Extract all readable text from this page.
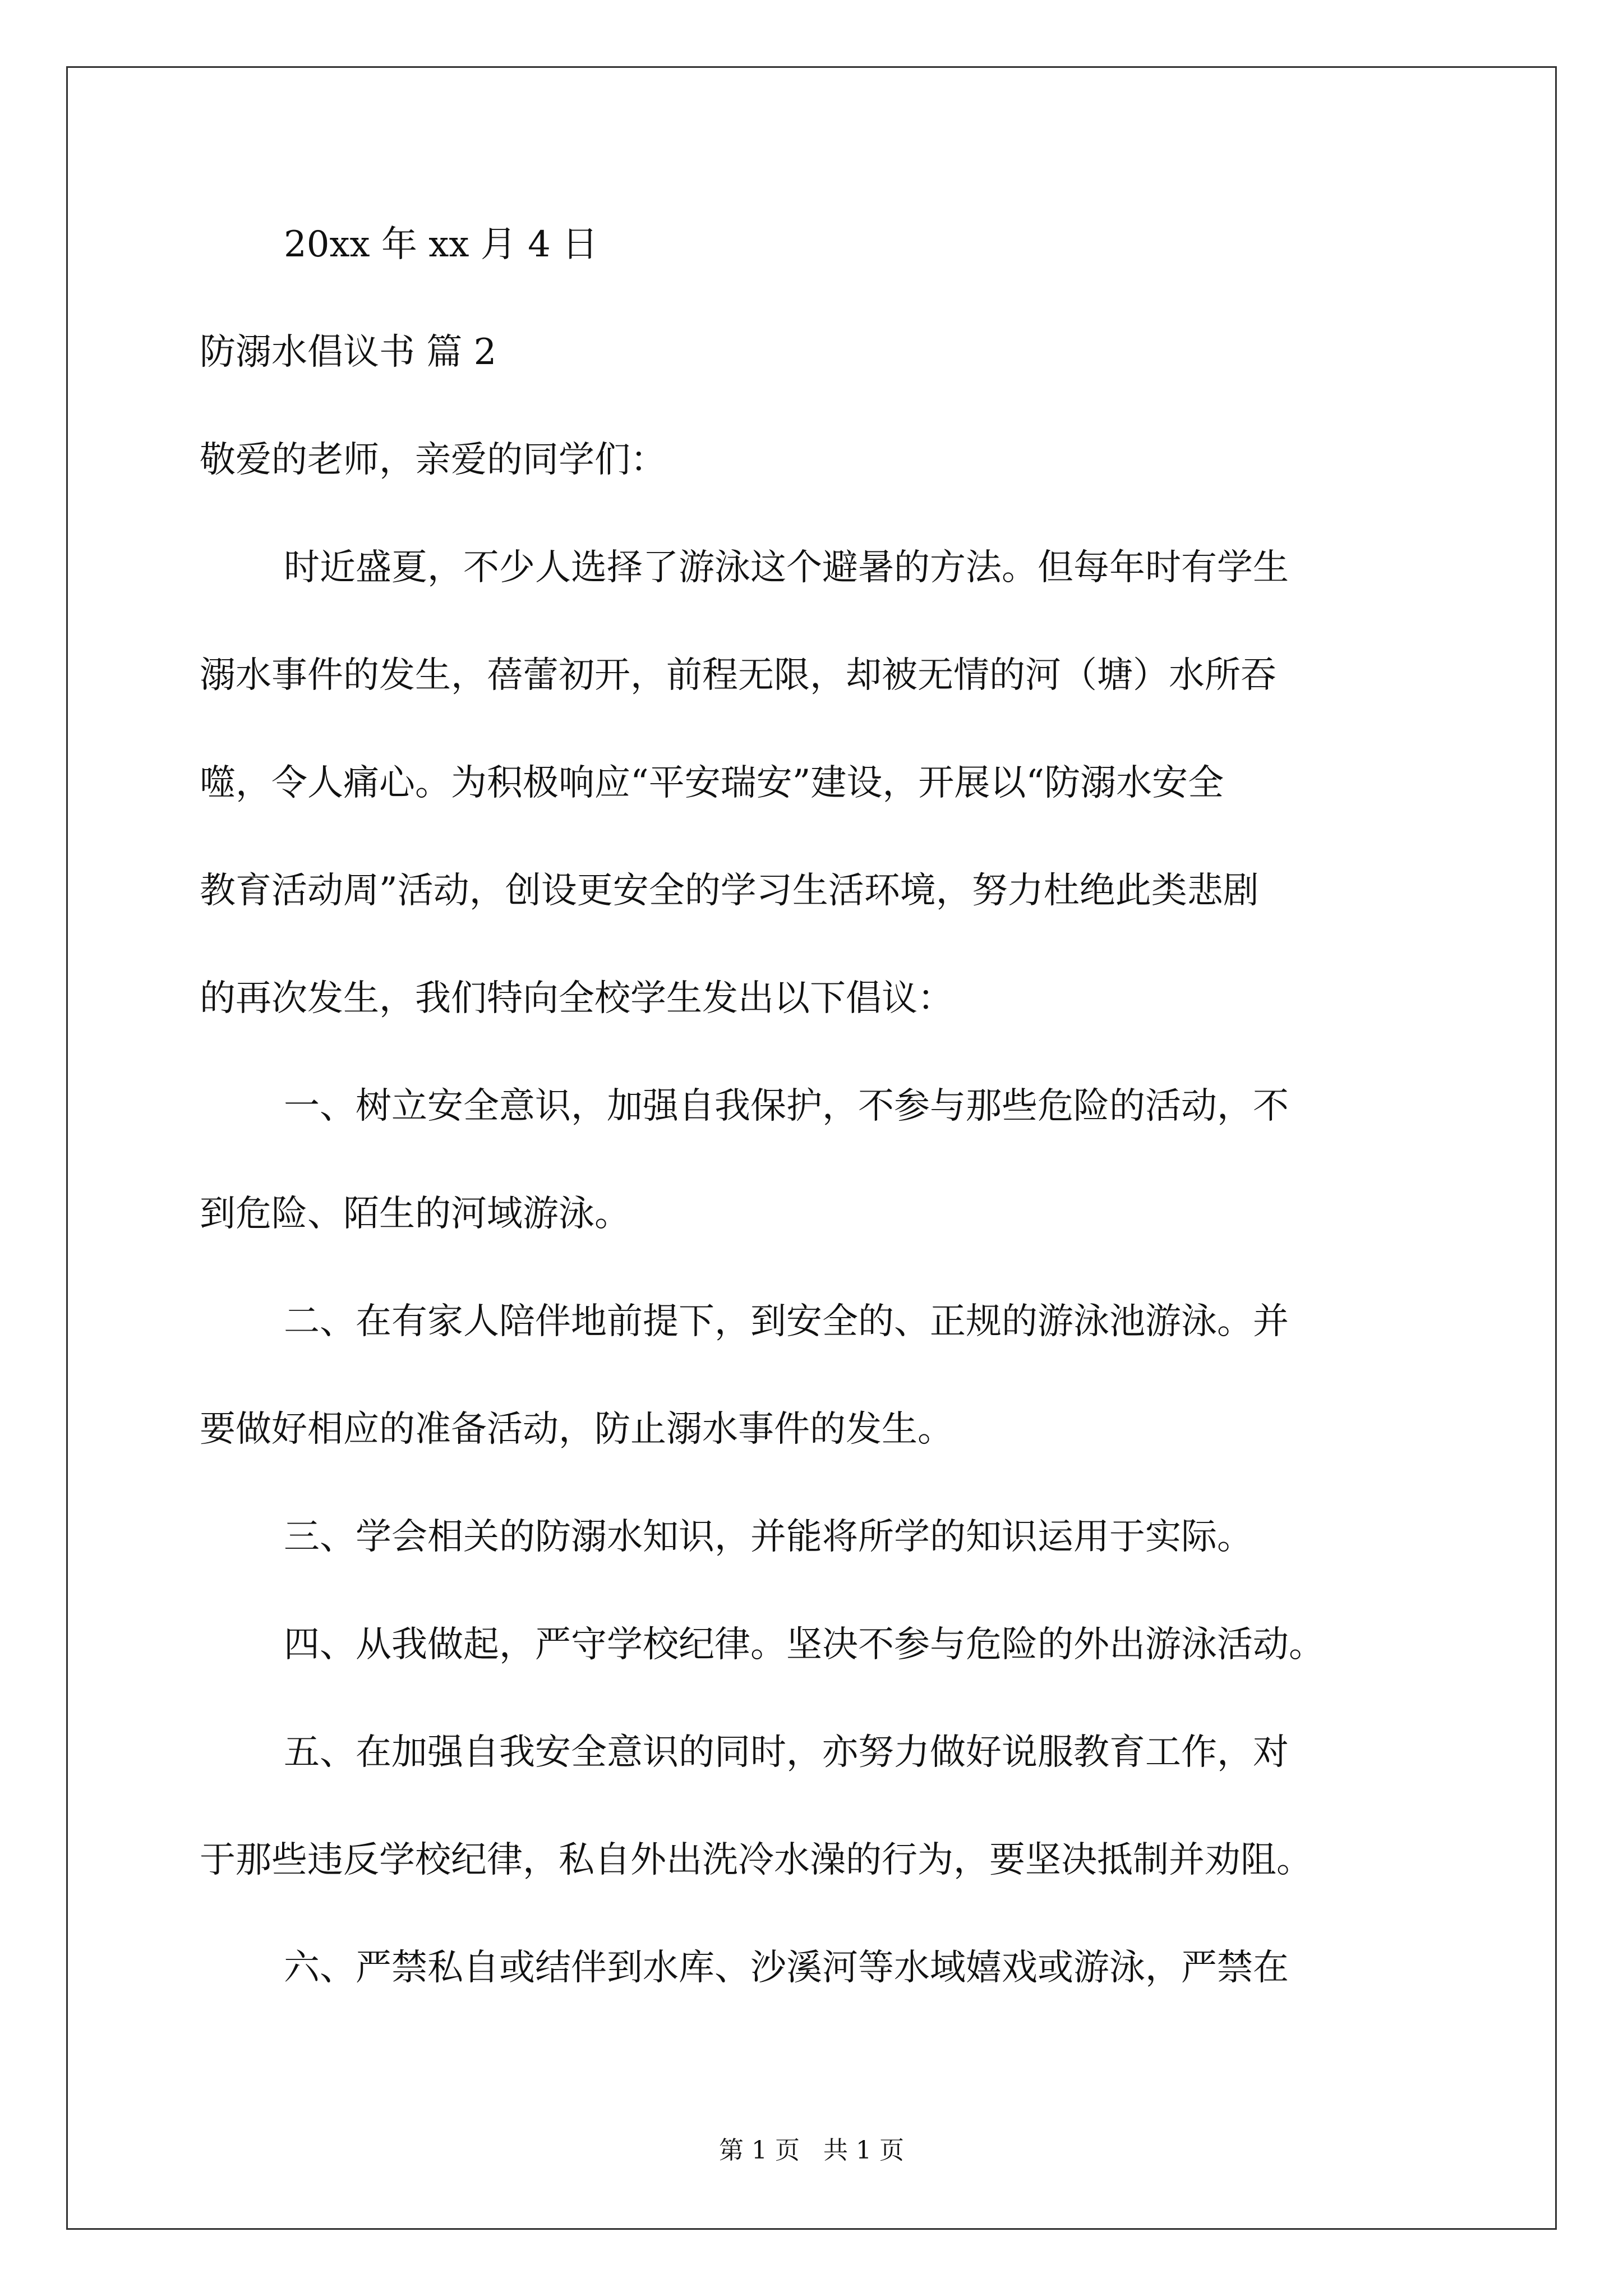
20xx 年 xx 月 4 日
防溺水倡议书 篇 2
敬爱的老师，亲爱的同学们：
时近盛夏，不少人选择了游泳这个避暑的方法。但每年时有学生
溺水事件的发生，蓓蕾初开，前程无限，却被无情的河（塘）水所吞
噬，令人痛心。为积极响应“平安瑞安”建设，开展以“防溺水安全
教育活动周”活动，创设更安全的学习生活环境，努力杜绝此类悲剧
的再次发生，我们特向全校学生发出以下倡议：
一、树立安全意识，加强自我保护，不参与那些危险的活动，不
到危险、陌生的河域游泳。
二、在有家人陪伴地前提下，到安全的、正规的游泳池游泳。并
要做好相应的准备活动，防止溺水事件的发生。
三、学会相关的防溺水知识，并能将所学的知识运用于实际。
四、从我做起，严守学校纪律。坚决不参与危险的外出游泳活动。
五、在加强自我安全意识的同时，亦努力做好说服教育工作，对
于那些违反学校纪律，私自外出洗冷水澡的行为，要坚决抵制并劝阻。
六、严禁私自或结伴到水库、沙溪河等水域嬉戏或游泳，严禁在
第 1 页   共 1 页
